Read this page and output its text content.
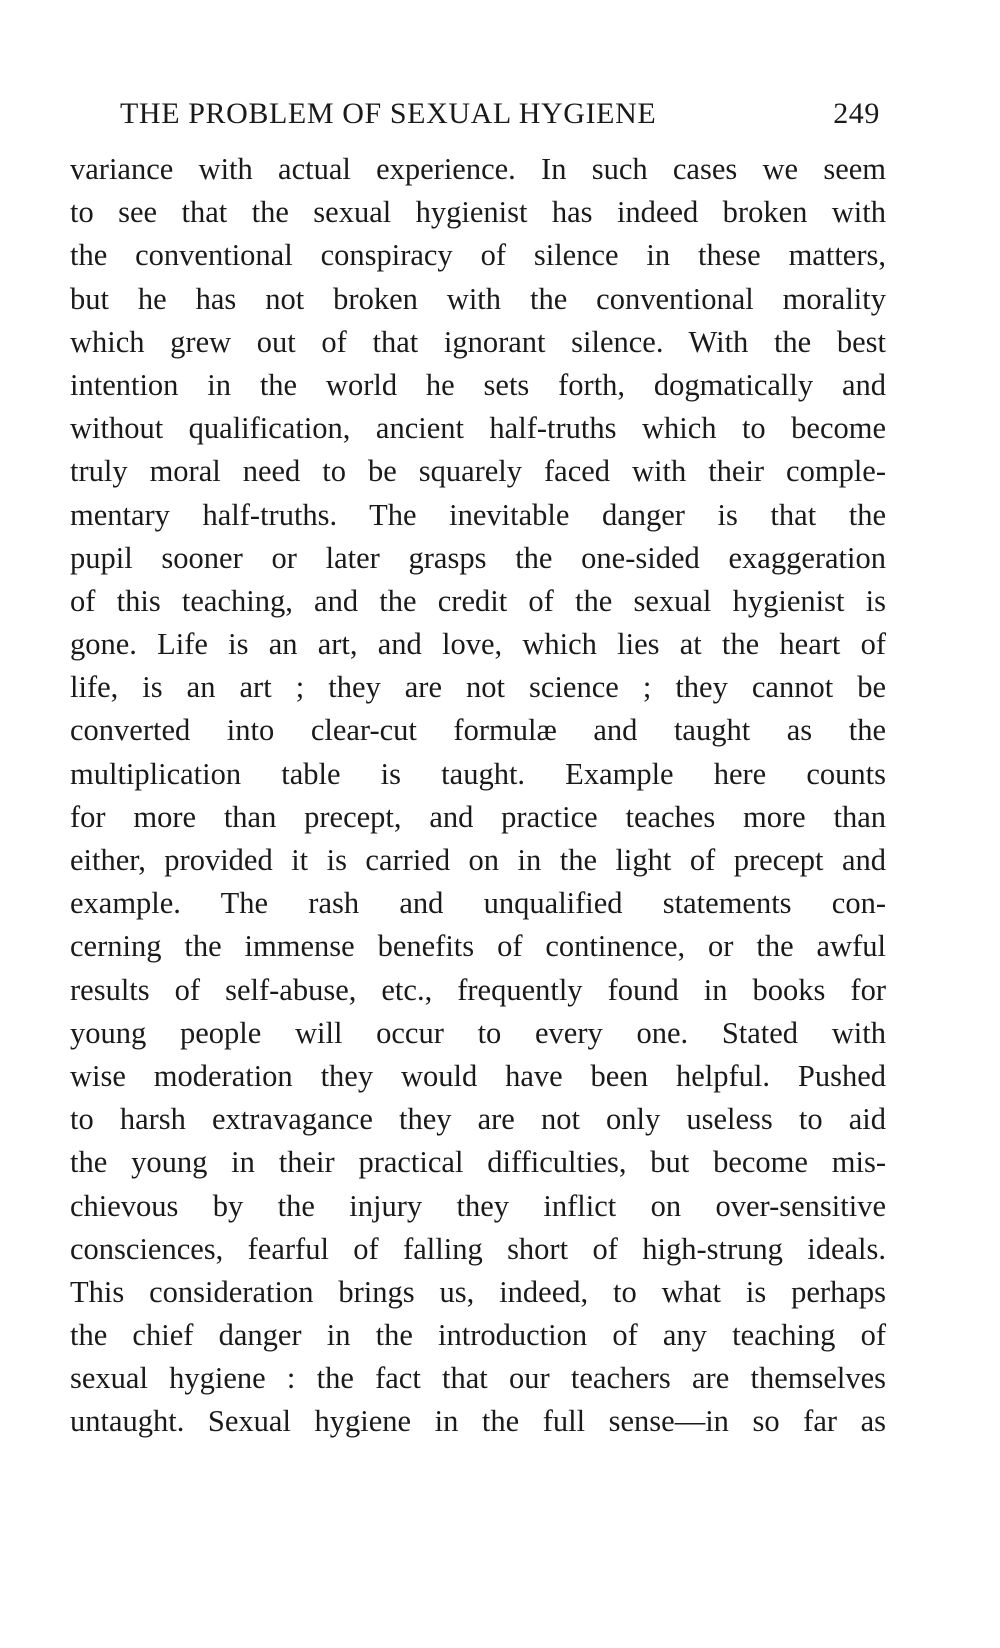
THE PROBLEM OF SEXUAL HYGIENE	249
variance with actual experience. In such cases we seem
to see that the sexual hygienist has indeed broken with
the conventional conspiracy of silence in these matters,
but he has not broken with the conventional morality
which grew out of that ignorant silence. With the best
intention in the world he sets forth, dogmatically and
without qualification, ancient half-truths which to become
truly moral need to be squarely faced with their comple-
mentary half-truths. The inevitable danger is that the
pupil sooner or later grasps the one-sided exaggeration
of this teaching, and the credit of the sexual hygienist is
gone. Life is an art, and love, which lies at the heart of
life, is an art ; they are not science ; they cannot be
converted into clear-cut formulæ and taught as the
multiplication table is taught. Example here counts
for more than precept, and practice teaches more than
either, provided it is carried on in the light of precept and
example. The rash and unqualified statements con-
cerning the immense benefits of continence, or the awful
results of self-abuse, etc., frequently found in books for
young people will occur to every one. Stated with
wise moderation they would have been helpful. Pushed
to harsh extravagance they are not only useless to aid
the young in their practical difficulties, but become mis-
chievous by the injury they inflict on over-sensitive
consciences, fearful of falling short of high-strung ideals.
This consideration brings us, indeed, to what is perhaps
the chief danger in the introduction of any teaching of
sexual hygiene : the fact that our teachers are themselves
untaught. Sexual hygiene in the full sense—in so far as
